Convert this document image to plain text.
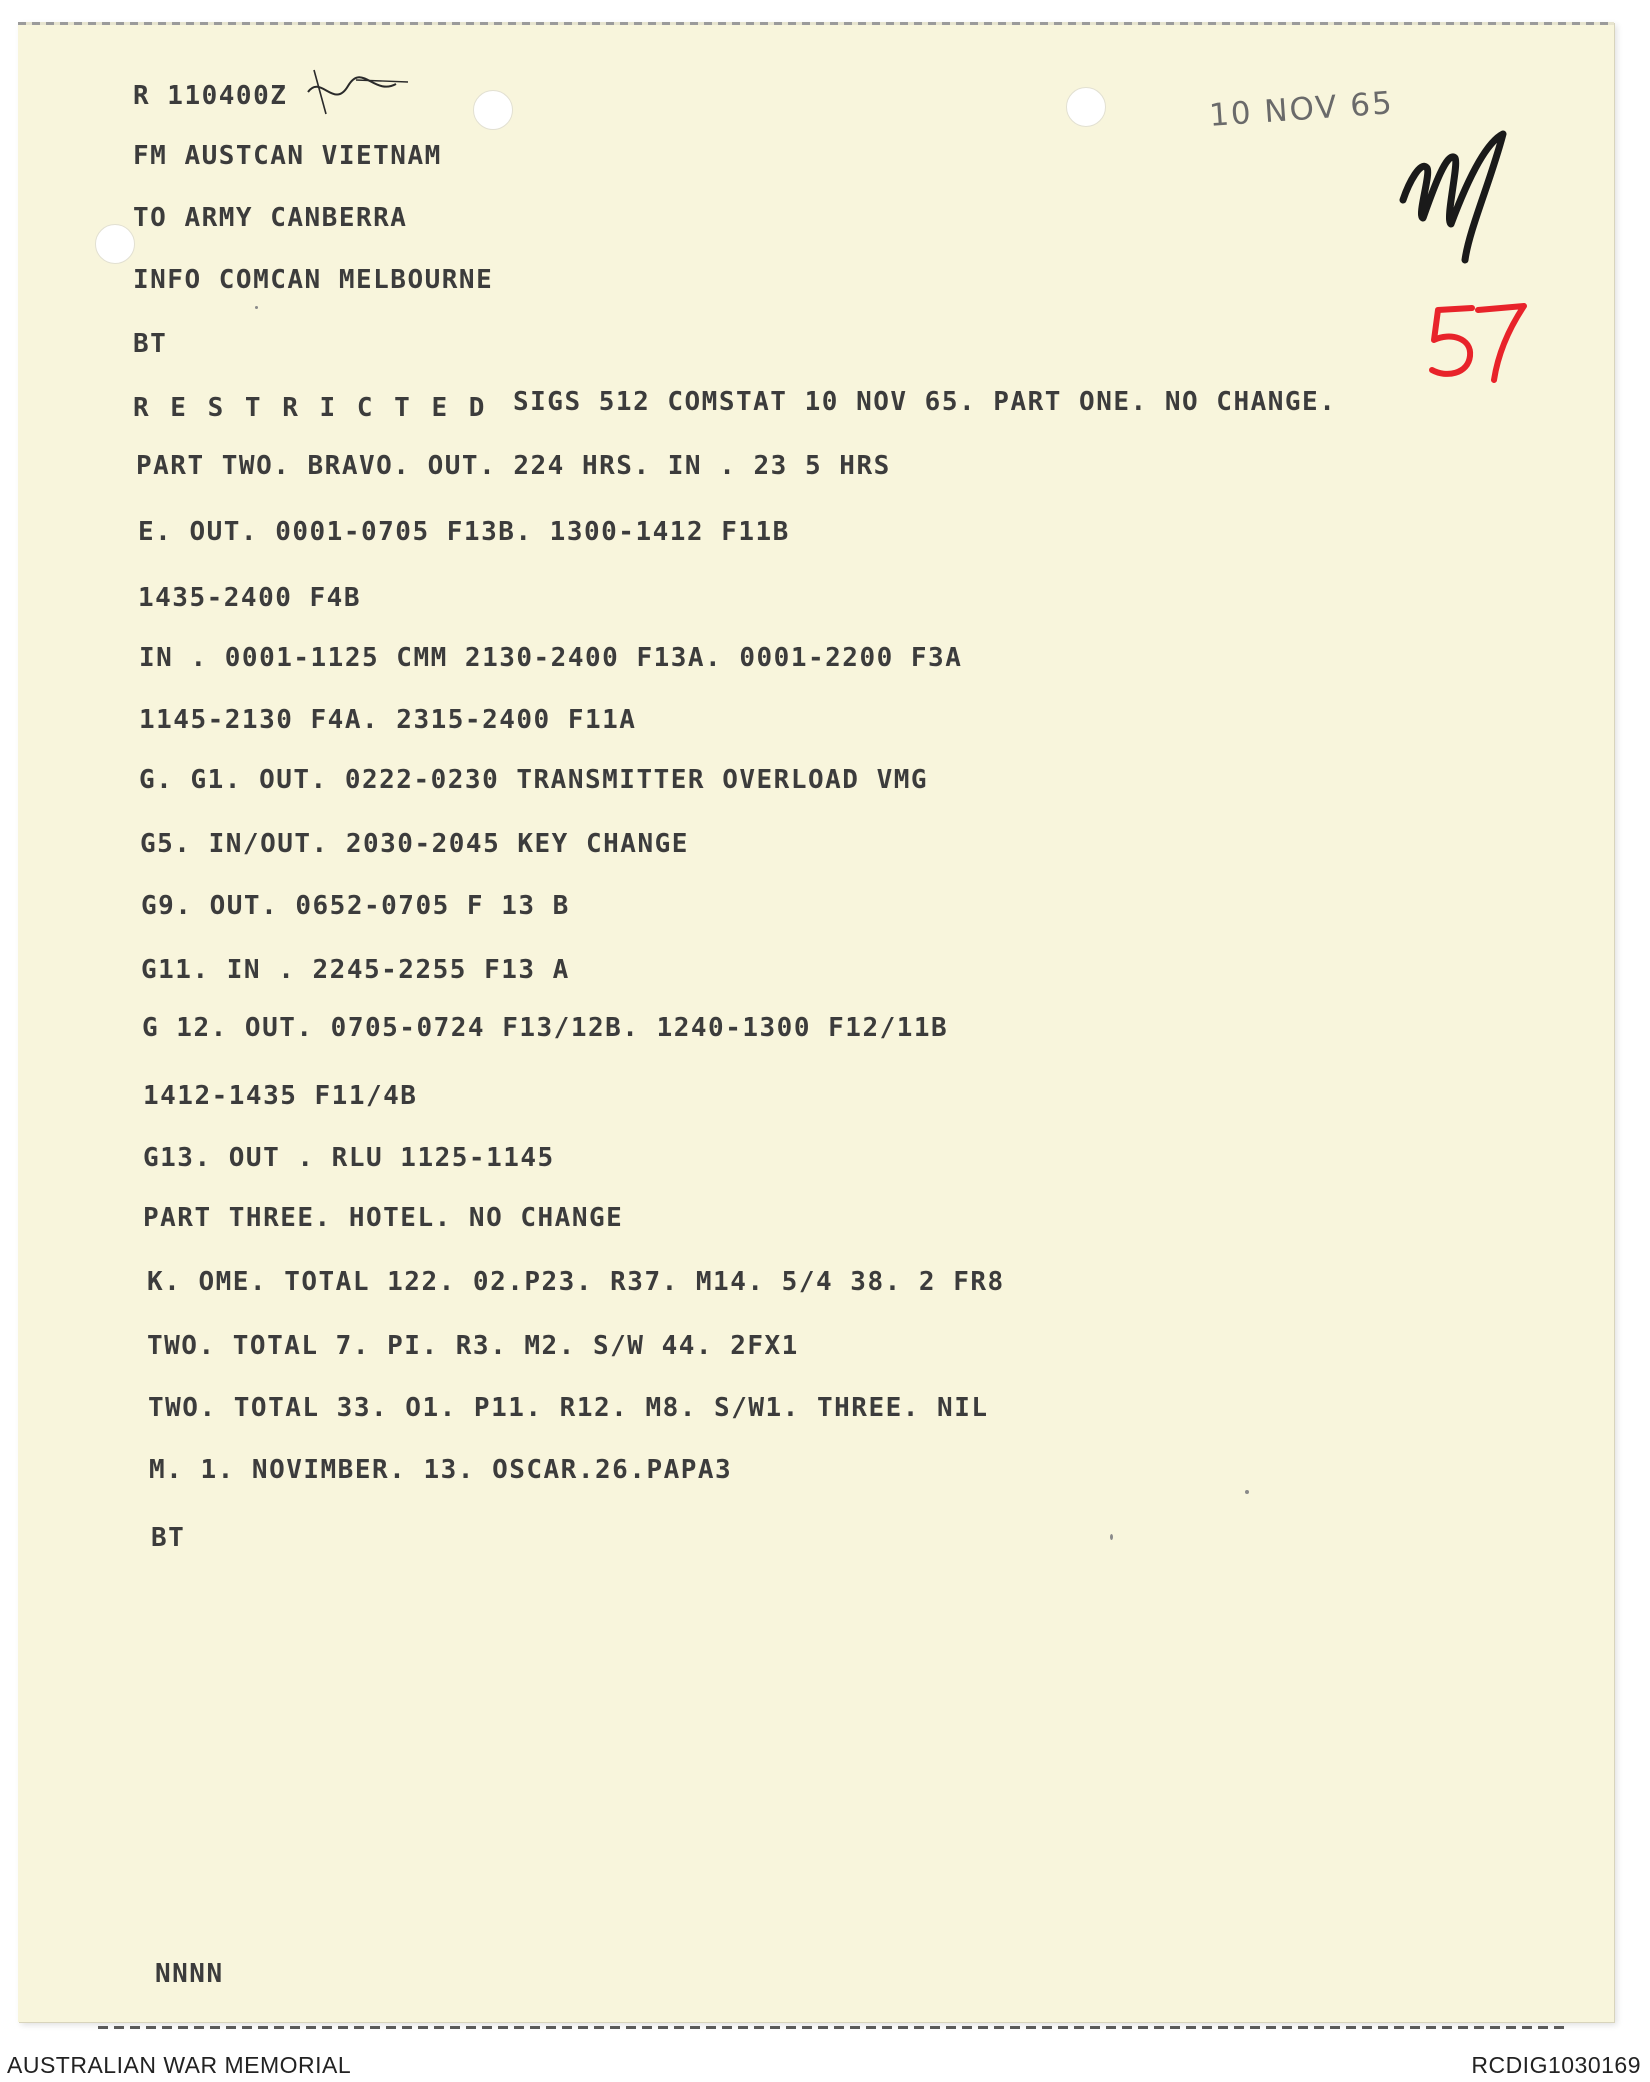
R 110400Z

FM AUSTCAN VIETNAM

TO ARMY CANBERRA

INFO COMCAN MELBOURNE

BT

R E S T R I C T E D SIGS 512 COMSTAT 10 NOV 65. PART ONE. NO CHANGE.

PART TWO. BRAVO. OUT. 224 HRS. IN . 23 5 HRS

E. OUT. 0001-0705 F13B. 1300-1412 F11B

1435-2400 F4B

IN . 0001-1125 CMM 2130-2400 F13A. 0001-2200 F3A

1145-2130 F4A. 2315-2400 F11A

G. G1. OUT. 0222-0230 TRANSMITTER OVERLOAD VMG

G5. IN/OUT. 2030-2045 KEY CHANGE

G9. OUT. 0652-0705 F 13 B

G11. IN . 2245-2255 F13 A

G 12. OUT. 0705-0724 F13/12B. 1240-1300 F12/11B

1412-1435 F11/4B

G13. OUT . RLU 1125-1145

PART THREE. HOTEL. NO CHANGE

K. OME. TOTAL 122. 02.P23. R37. M14. 5/4 38. 2 FR8

TWO. TOTAL 7. PI. R3. M2. S/W 44. 2FX1

TWO. TOTAL 33. O1. P11. R12. M8. S/W1. THREE. NIL

M. 1. NOVIMBER. 13. OSCAR.26.PAPA3

BT

NNNN

10 NOV 65
AUSTRALIAN WAR MEMORIAL	RCDIG1030169
